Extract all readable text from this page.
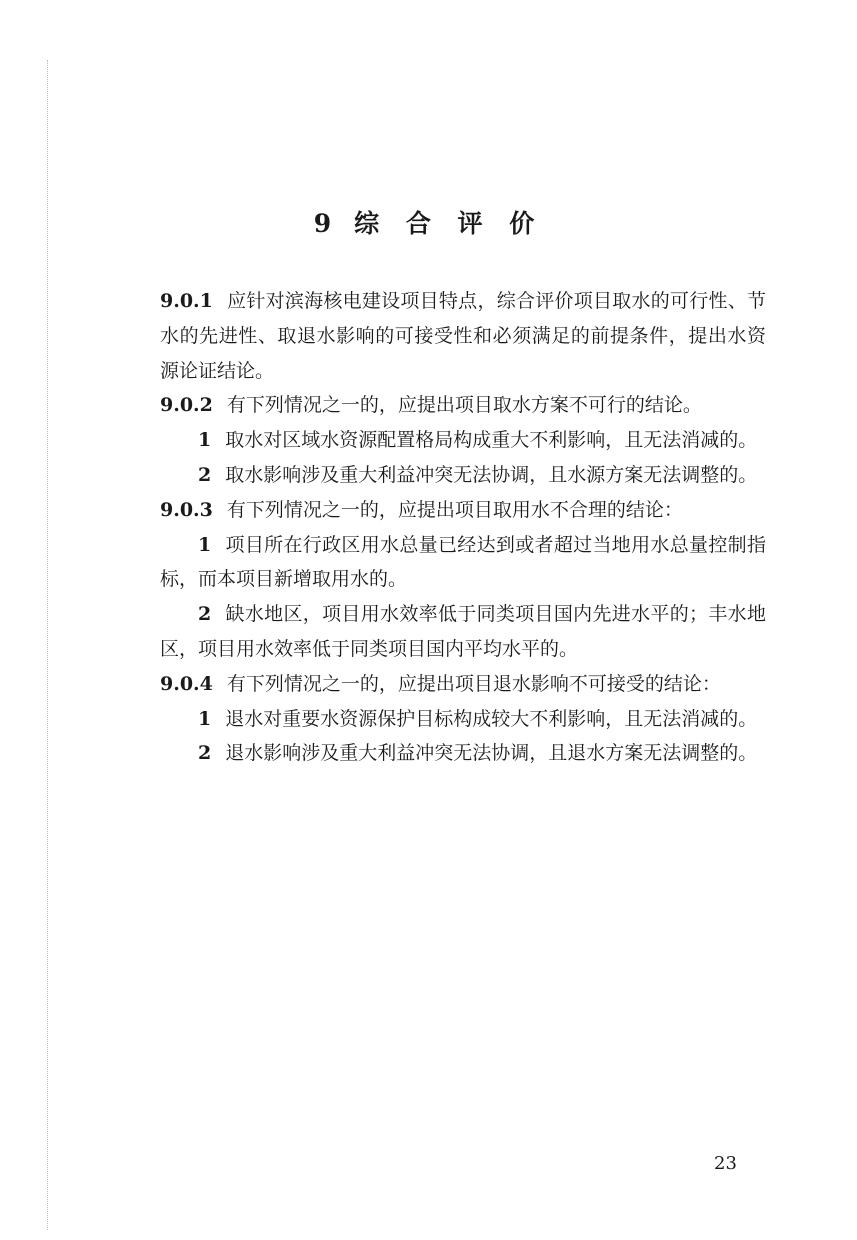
9 综 合 评 价

9.0.1 应针对滨海核电建设项目特点，综合评价项目取水的可行性、节水的先进性、取退水影响的可接受性和必须满足的前提条件，提出水资源论证结论。

9.0.2 有下列情况之一的，应提出项目取水方案不可行的结论。

1 取水对区域水资源配置格局构成重大不利影响，且无法消减的。

2 取水影响涉及重大利益冲突无法协调，且水源方案无法调整的。

9.0.3 有下列情况之一的，应提出项目取用水不合理的结论：

1 项目所在行政区用水总量已经达到或者超过当地用水总量控制指标，而本项目新增取用水的。

2 缺水地区，项目用水效率低于同类项目国内先进水平的；丰水地区，项目用水效率低于同类项目国内平均水平的。

9.0.4 有下列情况之一的，应提出项目退水影响不可接受的结论：

1 退水对重要水资源保护目标构成较大不利影响，且无法消减的。

2 退水影响涉及重大利益冲突无法协调，且退水方案无法调整的。

23
